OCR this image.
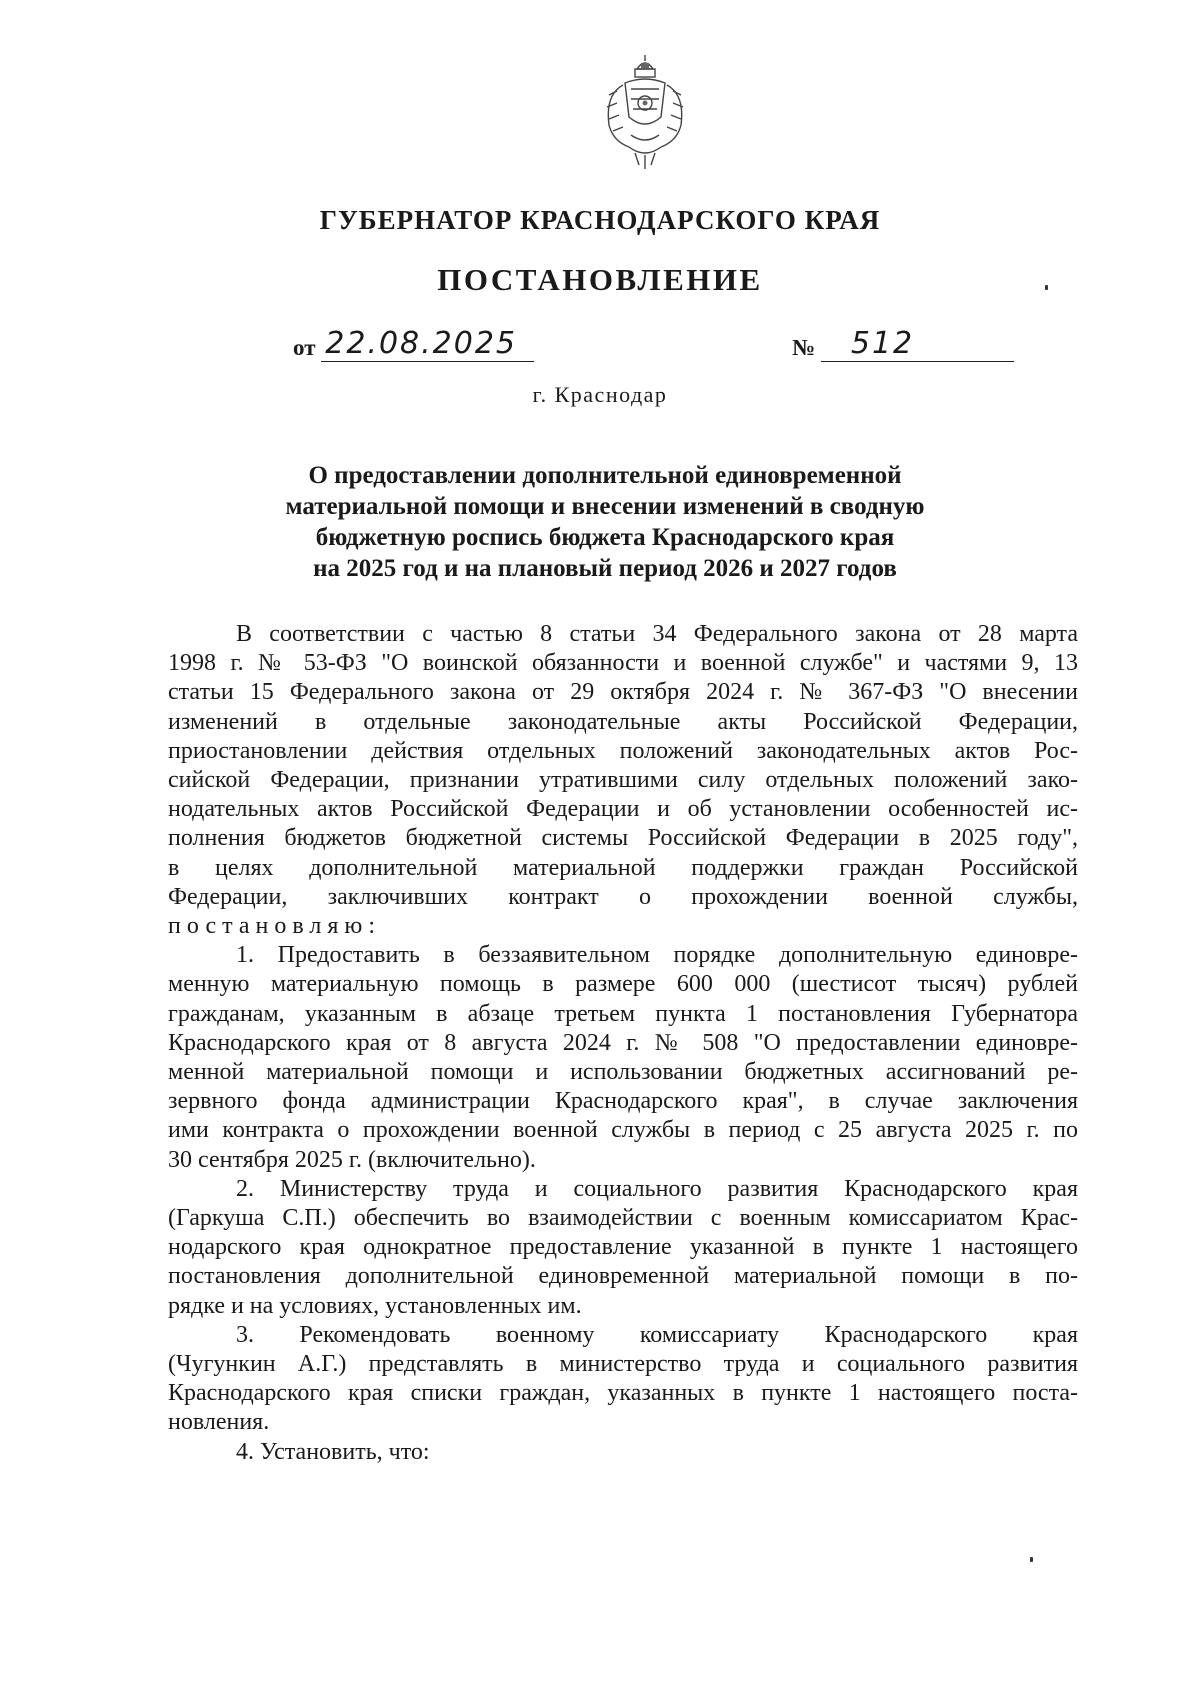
ГУБЕРНАТОР КРАСНОДАРСКОГО КРАЯ
ПОСТАНОВЛЕНИЕ
от 22.08.2025	№ 512
г. Краснодар
О предоставлении дополнительной единовременной
материальной помощи и внесении изменений в сводную
бюджетную роспись бюджета Краснодарского края
на 2025 год и на плановый период 2026 и 2027 годов
В соответствии с частью 8 статьи 34 Федерального закона от 28 марта
1998 г. № 53-ФЗ "О воинской обязанности и военной службе" и частями 9, 13
статьи 15 Федерального закона от 29 октября 2024 г. № 367-ФЗ "О внесении
изменений в отдельные законодательные акты Российской Федерации,
приостановлении действия отдельных положений законодательных актов Рос-
сийской Федерации, признании утратившими силу отдельных положений зако-
нодательных актов Российской Федерации и об установлении особенностей ис-
полнения бюджетов бюджетной системы Российской Федерации в 2025 году",
в целях дополнительной материальной поддержки граждан Российской
Федерации, заключивших контракт о прохождении военной службы,
постановляю:
1. Предоставить в беззаявительном порядке дополнительную единовре-
менную материальную помощь в размере 600 000 (шестисот тысяч) рублей
гражданам, указанным в абзаце третьем пункта 1 постановления Губернатора
Краснодарского края от 8 августа 2024 г. № 508 "О предоставлении единовре-
менной материальной помощи и использовании бюджетных ассигнований ре-
зервного фонда администрации Краснодарского края", в случае заключения
ими контракта о прохождении военной службы в период с 25 августа 2025 г. по
30 сентября 2025 г. (включительно).
2. Министерству труда и социального развития Краснодарского края
(Гаркуша С.П.) обеспечить во взаимодействии с военным комиссариатом Крас-
нодарского края однократное предоставление указанной в пункте 1 настоящего
постановления дополнительной единовременной материальной помощи в по-
рядке и на условиях, установленных им.
3. Рекомендовать военному комиссариату Краснодарского края
(Чугункин А.Г.) представлять в министерство труда и социального развития
Краснодарского края списки граждан, указанных в пункте 1 настоящего поста-
новления.
4. Установить, что:
